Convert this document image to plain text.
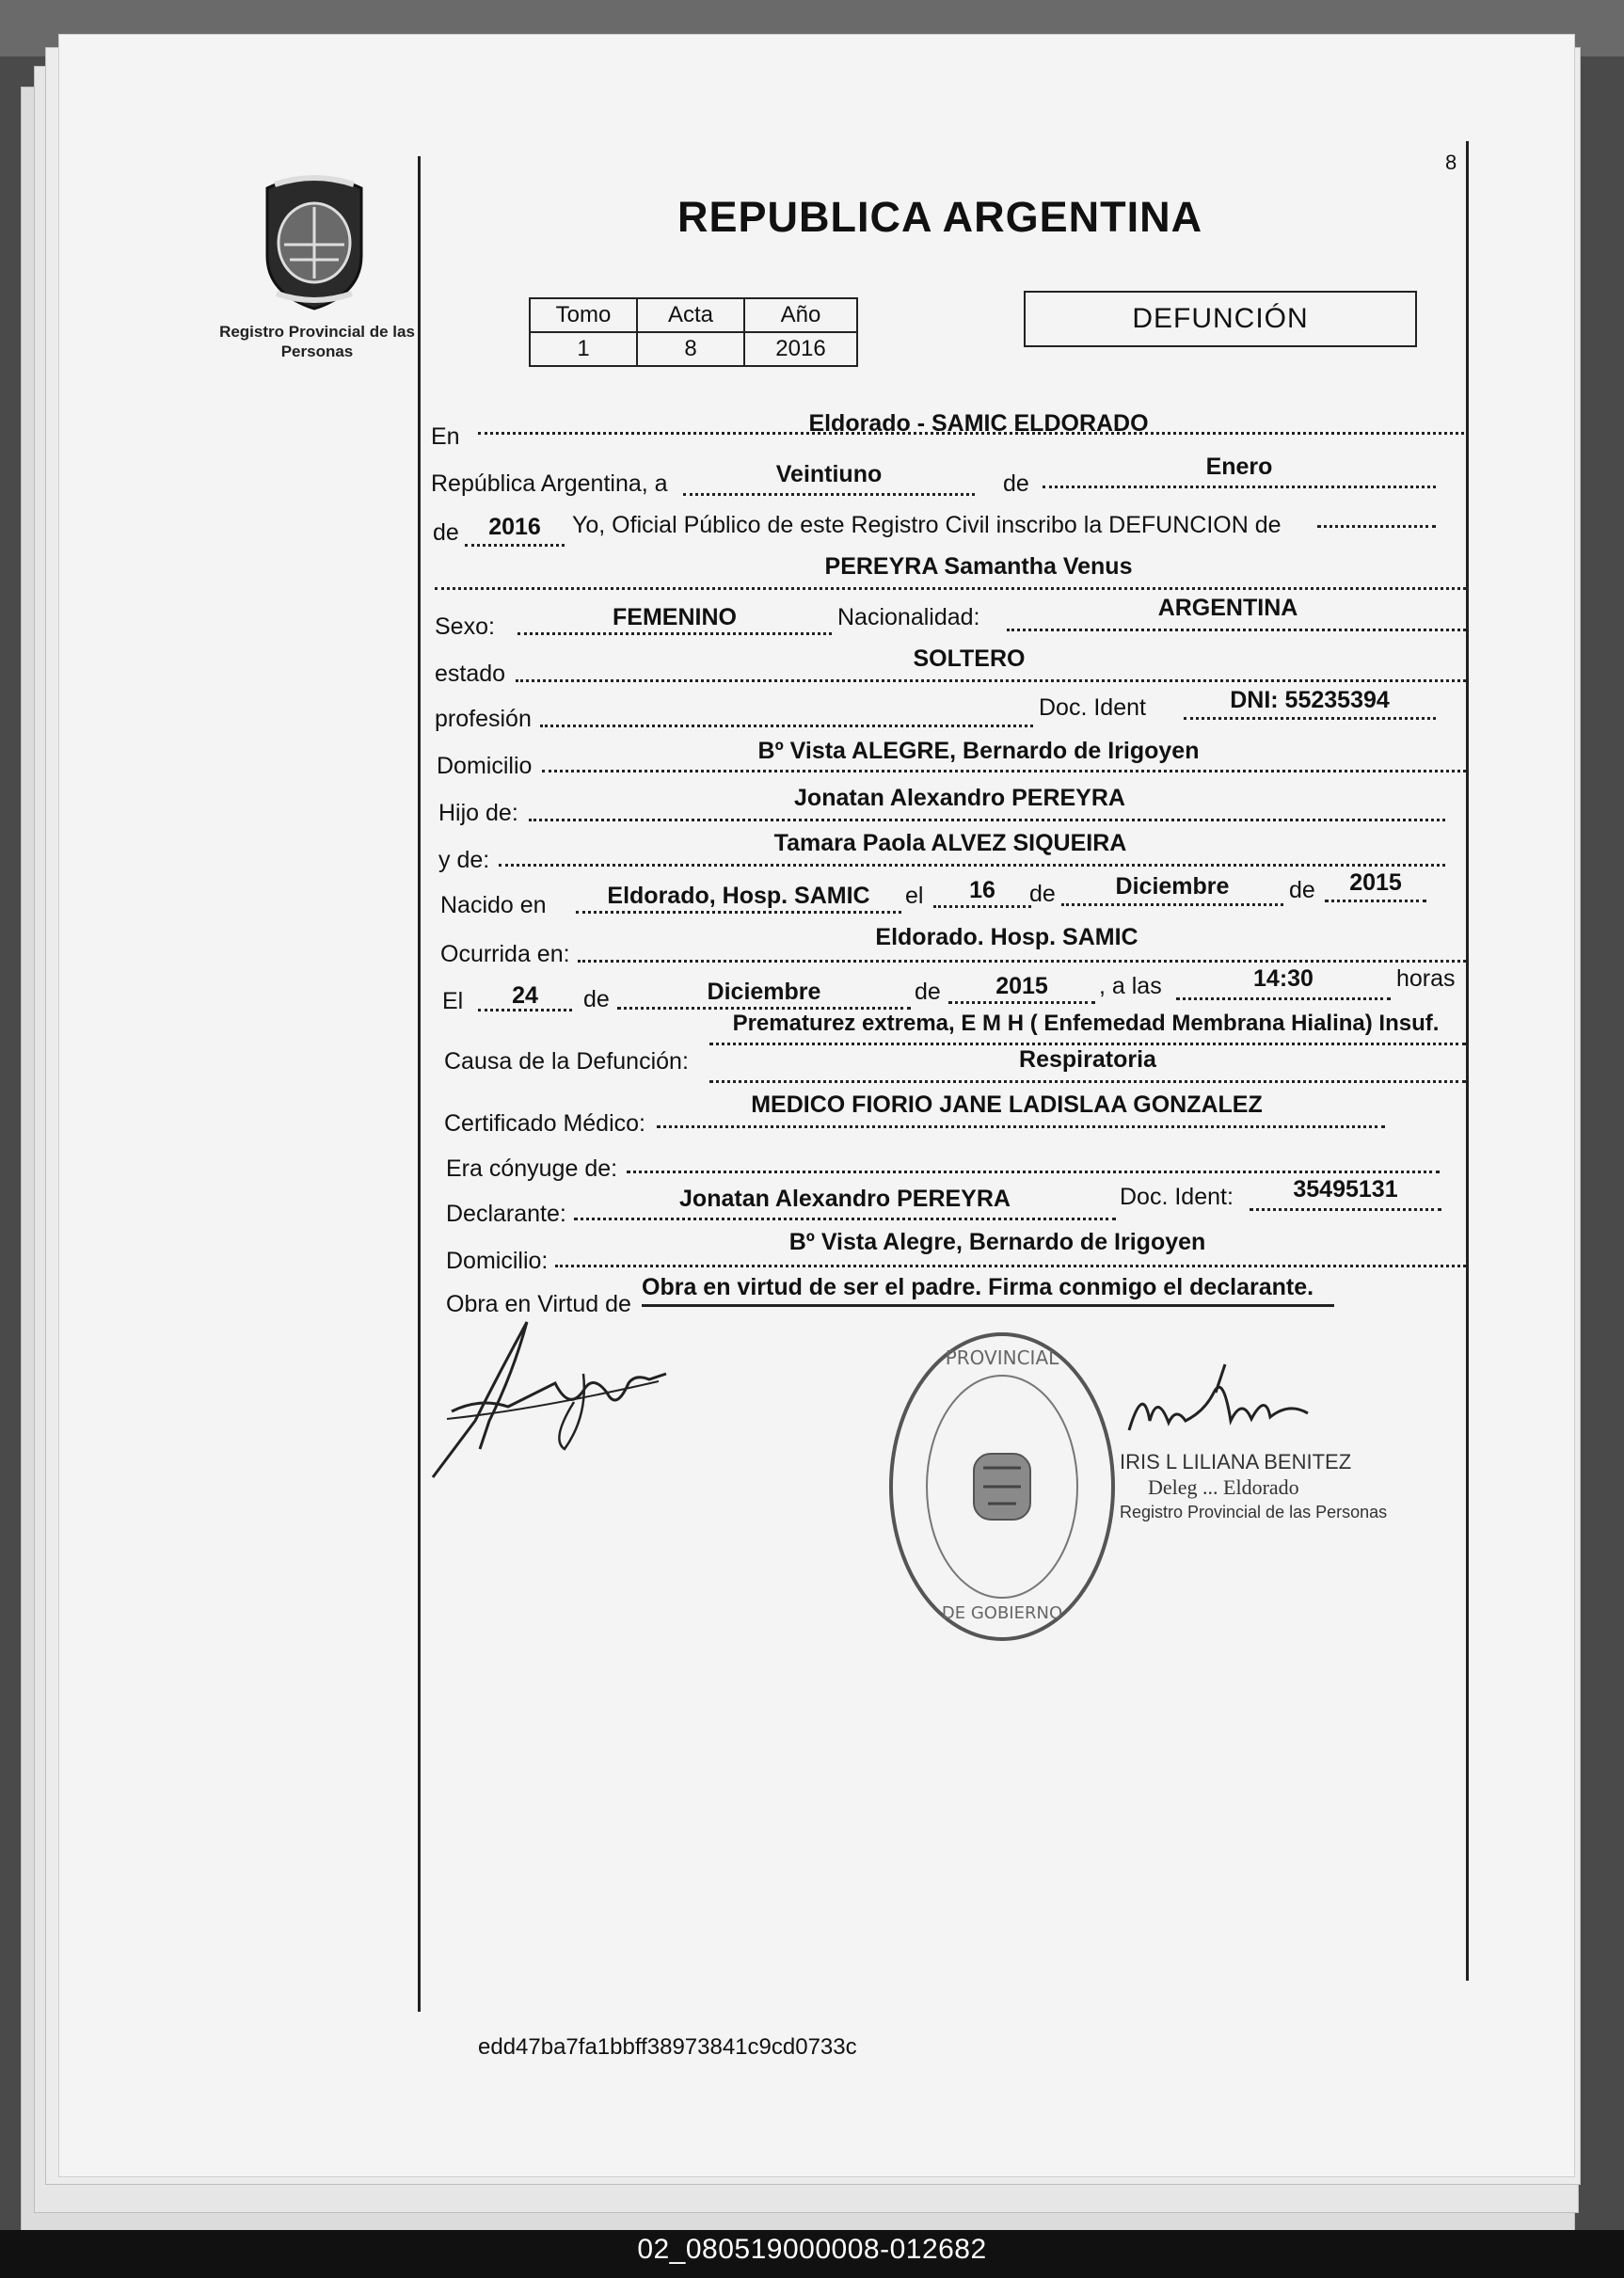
Registro Provincial de las Personas
8
REPUBLICA ARGENTINA
Tomo	Acta	Año
1	8	2016
DEFUNCIÓN
En	Eldorado - SAMIC ELDORADO
República Argentina, a	Veintiuno	de
Enero
de	2016	Yo, Oficial Público de este Registro Civil inscribo la DEFUNCION de
PEREYRA Samantha Venus
Sexo:	FEMENINO	Nacionalidad:	ARGENTINA
estado
SOLTERO
profesión	Doc. Ident	DNI: 55235394
Domicilio
Bº Vista ALEGRE, Bernardo de Irigoyen
Hijo de:
Jonatan Alexandro PEREYRA
y de:
Tamara Paola ALVEZ SIQUEIRA
Nacido en	Eldorado, Hosp. SAMIC	el	16	de	Diciembre	de	2015
Ocurrida en:
Eldorado. Hosp. SAMIC
El	24	de	Diciembre	de	2015	, a las	14:30	horas
Causa de la Defunción:
Prematurez extrema, E M H ( Enfemedad Membrana Hialina) Insuf.
Respiratoria
Certificado Médico:
MEDICO FIORIO JANE LADISLAA GONZALEZ
Era cónyuge de:
Declarante:
Jonatan Alexandro PEREYRA	Doc. Ident:	35495131
Domicilio:
Bº Vista Alegre, Bernardo de Irigoyen
Obra en Virtud de
Obra en virtud de ser el padre. Firma conmigo el declarante.
PROVINCIAL
DE GOBIERNO
IRIS L LILIANA BENITEZ
Deleg ... Eldorado
Registro Provincial de las Personas
edd47ba7fa1bbff38973841c9cd0733c
02_080519000008-012682
